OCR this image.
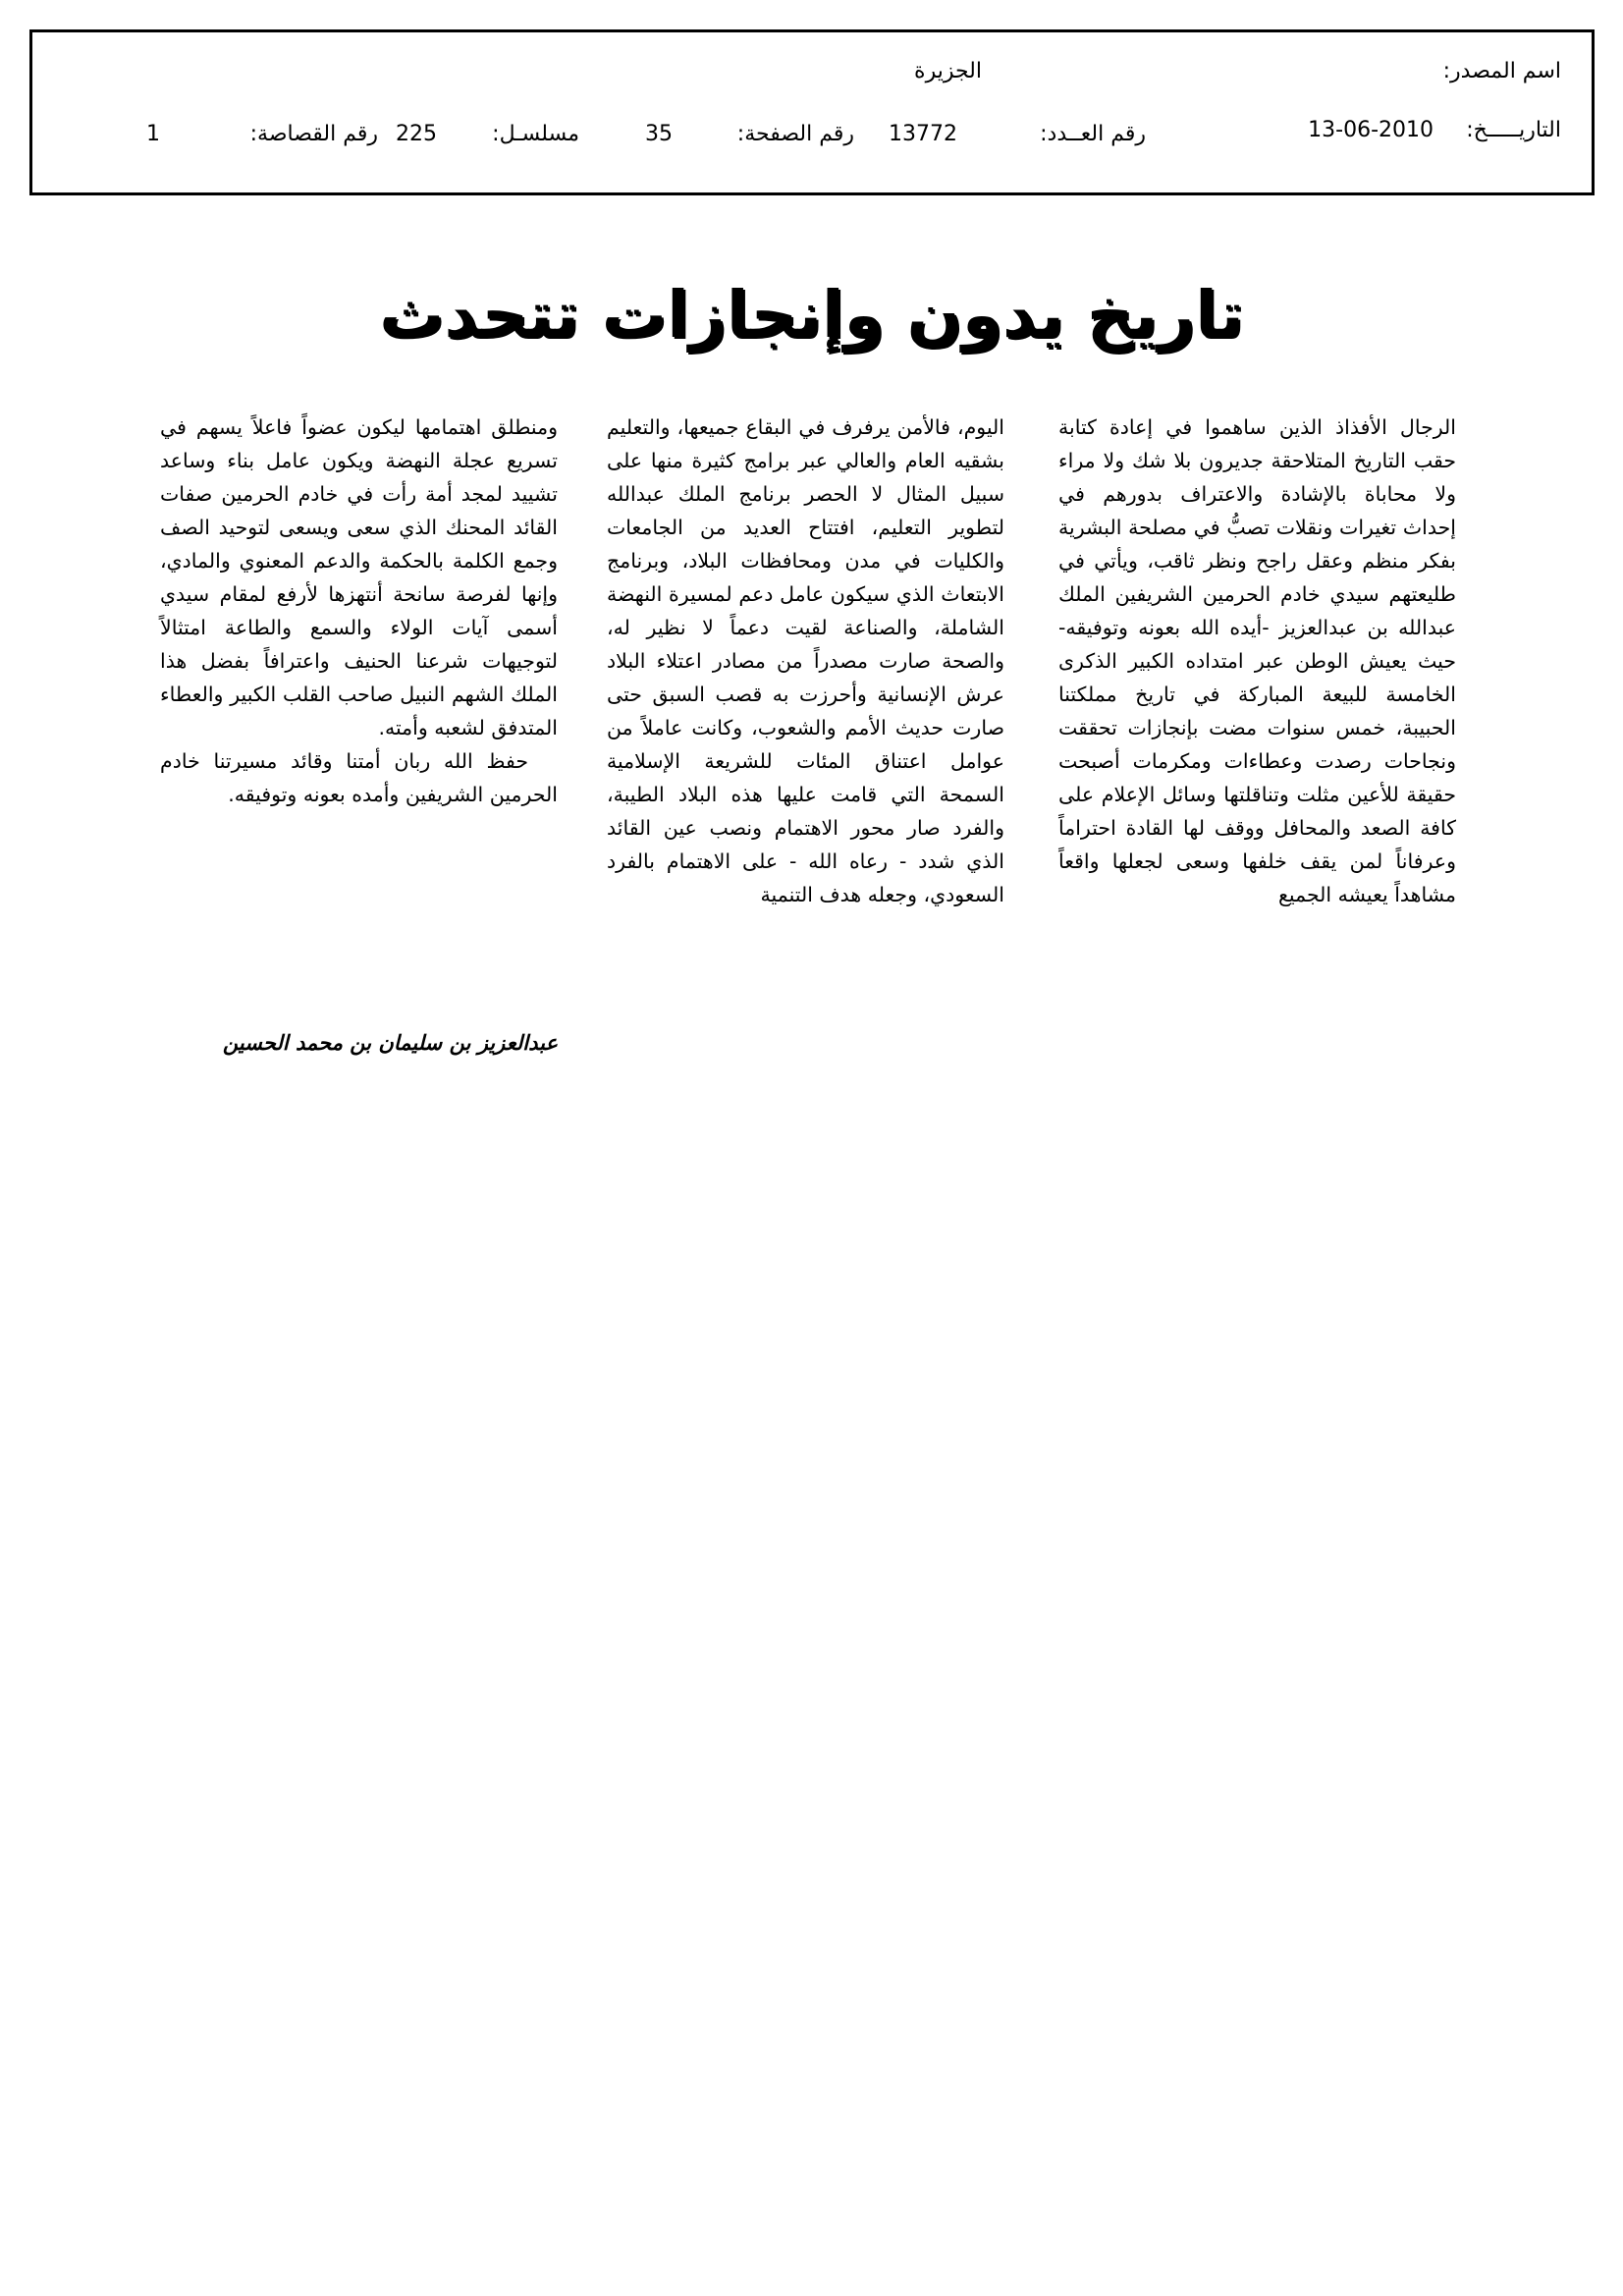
اسم المصدر:
الجزيرة
التاريـــــخ:
13-06-2010
رقم العــدد:
13772
رقم الصفحة:
35
مسلسـل:
225
رقم القصاصة:
1
تاريخ يدون وإنجازات تتحدث

الرجال الأفذاذ الذين ساهموا في إعادة كتابة حقب التاريخ المتلاحقة جديرون بلا شك ولا مراء ولا محاباة بالإشادة والاعتراف بدورهم في إحداث تغيرات ونقلات تصبُّ في مصلحة البشرية بفكر منظم وعقل راجح ونظر ثاقب، ويأتي في طليعتهم سيدي خادم الحرمين الشريفين الملك عبدالله بن عبدالعزيز -أيده الله بعونه وتوفيقه- حيث يعيش الوطن عبر امتداده الكبير الذكرى الخامسة للبيعة المباركة في تاريخ مملكتنا الحبيبة، خمس سنوات مضت بإنجازات تحققت ونجاحات رصدت وعطاءات ومكرمات أصبحت حقيقة للأعين مثلت وتناقلتها وسائل الإعلام على كافة الصعد والمحافل ووقف لها القادة احتراماً وعرفاناً لمن يقف خلفها وسعى لجعلها واقعاً مشاهداً يعيشه الجميع

اليوم، فالأمن يرفرف في البقاع جميعها، والتعليم بشقيه العام والعالي عبر برامج كثيرة منها على سبيل المثال لا الحصر برنامج الملك عبدالله لتطوير التعليم، افتتاح العديد من الجامعات والكليات في مدن ومحافظات البلاد، وبرنامج الابتعاث الذي سيكون عامل دعم لمسيرة النهضة الشاملة، والصناعة لقيت دعماً لا نظير له، والصحة صارت مصدراً من مصادر اعتلاء البلاد عرش الإنسانية وأحرزت به قصب السبق حتى صارت حديث الأمم والشعوب، وكانت عاملاً من عوامل اعتناق المئات للشريعة الإسلامية السمحة التي قامت عليها هذه البلاد الطيبة، والفرد صار محور الاهتمام ونصب عين القائد الذي شدد - رعاه الله - على الاهتمام بالفرد السعودي، وجعله هدف التنمية

ومنطلق اهتمامها ليكون عضواً فاعلاً يسهم في تسريع عجلة النهضة ويكون عامل بناء وساعد تشييد لمجد أمة رأت في خادم الحرمين صفات القائد المحنك الذي سعى ويسعى لتوحيد الصف وجمع الكلمة بالحكمة والدعم المعنوي والمادي، وإنها لفرصة سانحة أنتهزها لأرفع لمقام سيدي أسمى آيات الولاء والسمع والطاعة امتثالاً لتوجيهات شرعنا الحنيف واعترافاً بفضل هذا الملك الشهم النبيل صاحب القلب الكبير والعطاء المتدفق لشعبه وأمته.

حفظ الله ربان أمتنا وقائد مسيرتنا خادم الحرمين الشريفين وأمده بعونه وتوفيقه.

عبدالعزيز بن سليمان بن محمد الحسين
